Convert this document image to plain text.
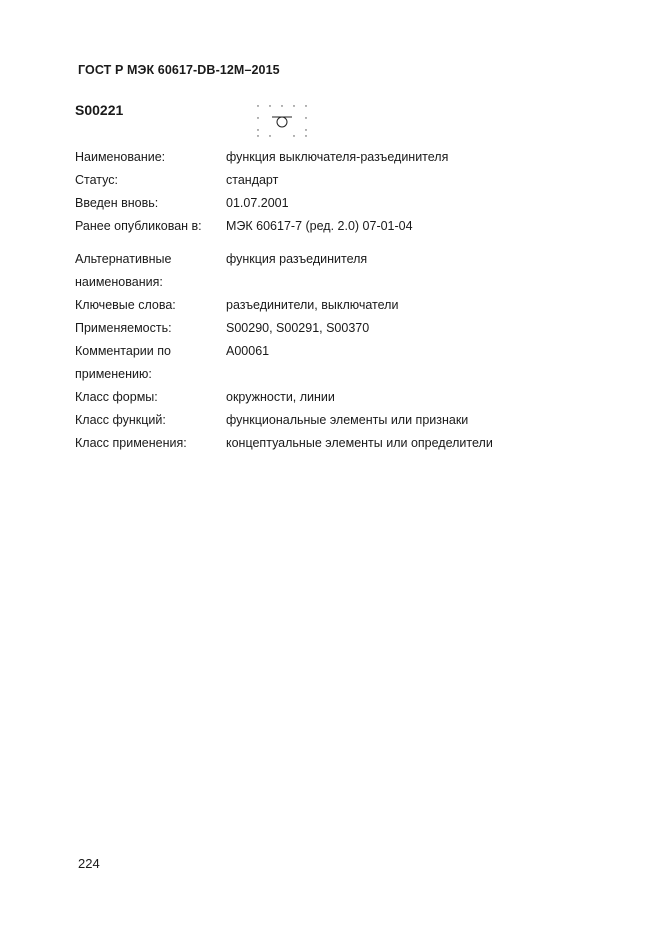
ГОСТ Р МЭК 60617-DB-12M–2015
S00221
Наименование:	функция выключателя-разъединителя
Статус:	стандарт
Введен вновь:	01.07.2001
Ранее опубликован в:	МЭК 60617-7 (ред. 2.0) 07-01-04
Альтернативные	функция разъединителя
наименования:
Ключевые слова:	разъединители, выключатели
Применяемость:	S00290, S00291, S00370
Комментарии по	A00061
применению:
Класс формы:	окружности, линии
Класс функций:	функциональные элементы или признаки
Класс применения:	концептуальные элементы или определители
224
